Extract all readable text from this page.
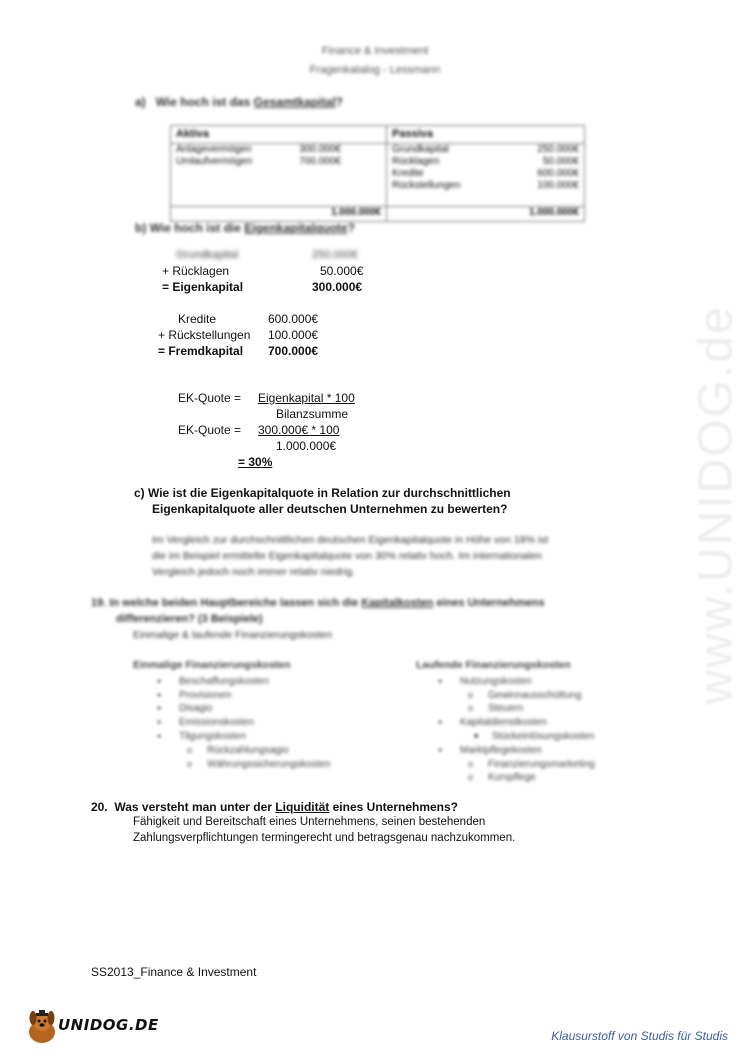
www.UNIDOG.de
Finance & Investment
Fragenkatalog - Lessmann
a) Wie hoch ist das Gesamtkapital?
Aktiva
Anlagevermögen	300.000€
Umlaufvermögen	700.000€
1.000.000€
Passiva
Grundkapital	250.000€
Rücklagen	50.000€
Kredite	600.000€
Rückstellungen	100.000€
1.000.000€
b) Wie hoch ist die Eigenkapitalquote?
Grundkapital	250.000€
+ Rücklagen	50.000€
= Eigenkapital	300.000€
Kredite	600.000€
+ Rückstellungen 100.000€
= Fremdkapital 700.000€
EK-Quote = Eigenkapital * 100
Bilanzsumme
EK-Quote = 300.000€ * 100
1.000.000€
= 30%
c) Wie ist die Eigenkapitalquote in Relation zur durchschnittlichen
Eigenkapitalquote aller deutschen Unternehmen zu bewerten?
Im Vergleich zur durchschnittlichen deutschen Eigenkapitalquote in Höhe von 18% ist
die im Beispiel ermittelte Eigenkapitalquote von 30% relativ hoch. Im internationalen
Vergleich jedoch noch immer relativ niedrig.
19. In welche beiden Hauptbereiche lassen sich die Kapitalkosten eines Unternehmens
differenzieren? (3 Beispiele)
Einmalige & laufende Finanzierungskosten
Einmalige Finanzierungskosten
● Beschaffungskosten
● Provisionen
● Disagio
● Emissionskosten
● Tilgungskosten
o Rückzahlungsagio
o Währungssicherungskosten
Laufende Finanzierungskosten
● Nutzungskosten
o Gewinnausschüttung
o Steuern
● Kapitaldienstkosten
■ Stückeinlösungskosten
● Marktpflegekosten
o Finanzierungsmarketing
o Kurspflege
20. Was versteht man unter der Liquidität eines Unternehmens?
Fähigkeit und Bereitschaft eines Unternehmens, seinen bestehenden
Zahlungsverpflichtungen termingerecht und betragsgenau nachzukommen.
SS2013_Finance & Investment
UNIDOG.DE
Klausurstoff von Studis für Studis
